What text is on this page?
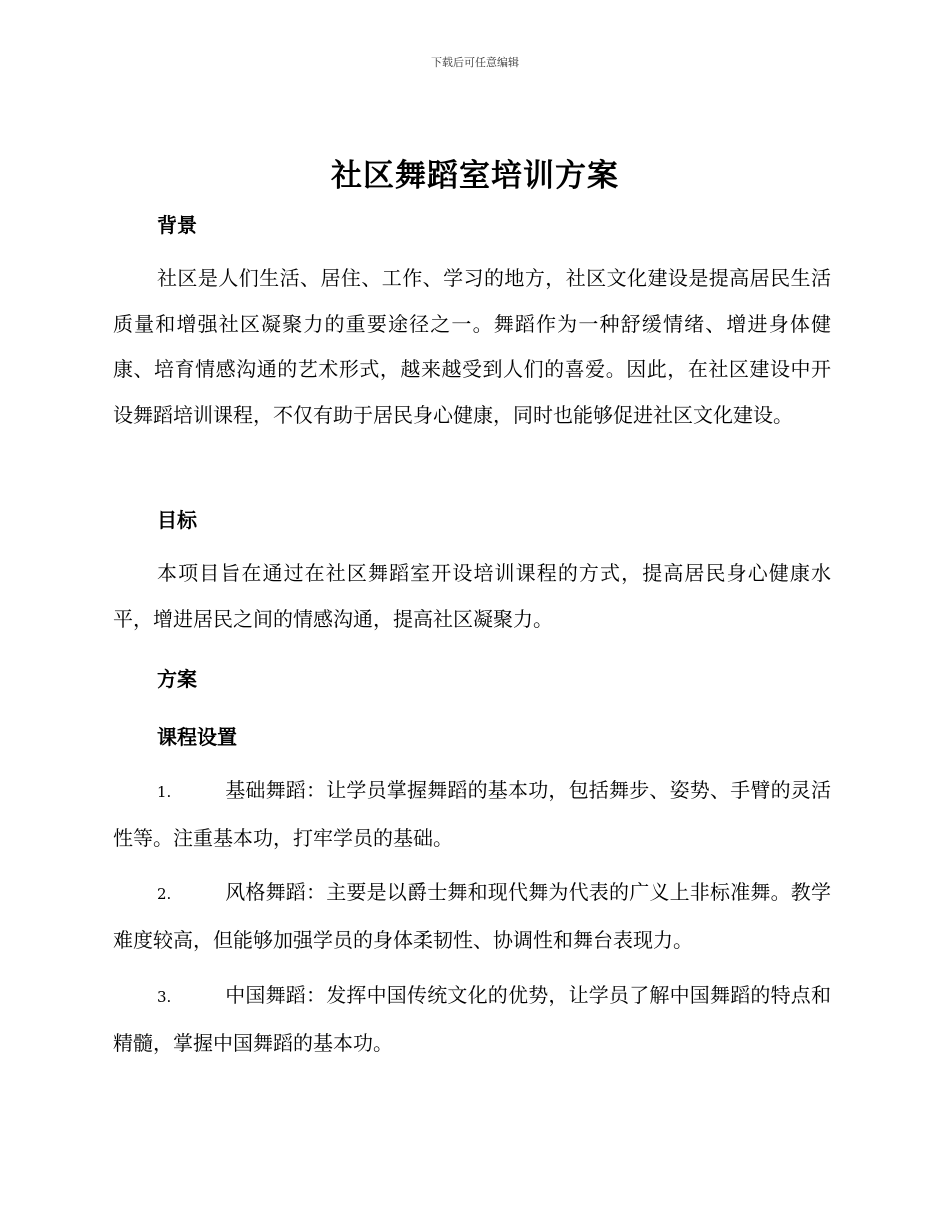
下载后可任意编辑
社区舞蹈室培训方案
背景

社区是人们生活、居住、工作、学习的地方，社区文化建设是提高居民生活质量和增强社区凝聚力的重要途径之一。舞蹈作为一种舒缓情绪、增进身体健康、培育情感沟通的艺术形式，越来越受到人们的喜爱。因此，在社区建设中开设舞蹈培训课程，不仅有助于居民身心健康，同时也能够促进社区文化建设。

目标

本项目旨在通过在社区舞蹈室开设培训课程的方式，提高居民身心健康水平，增进居民之间的情感沟通，提高社区凝聚力。

方案
课程设置

1.	基础舞蹈：让学员掌握舞蹈的基本功，包括舞步、姿势、手臂的灵活性等。注重基本功，打牢学员的基础。

2.	风格舞蹈：主要是以爵士舞和现代舞为代表的广义上非标准舞。教学难度较高，但能够加强学员的身体柔韧性、协调性和舞台表现力。

3.	中国舞蹈：发挥中国传统文化的优势，让学员了解中国舞蹈的特点和精髓，掌握中国舞蹈的基本功。
